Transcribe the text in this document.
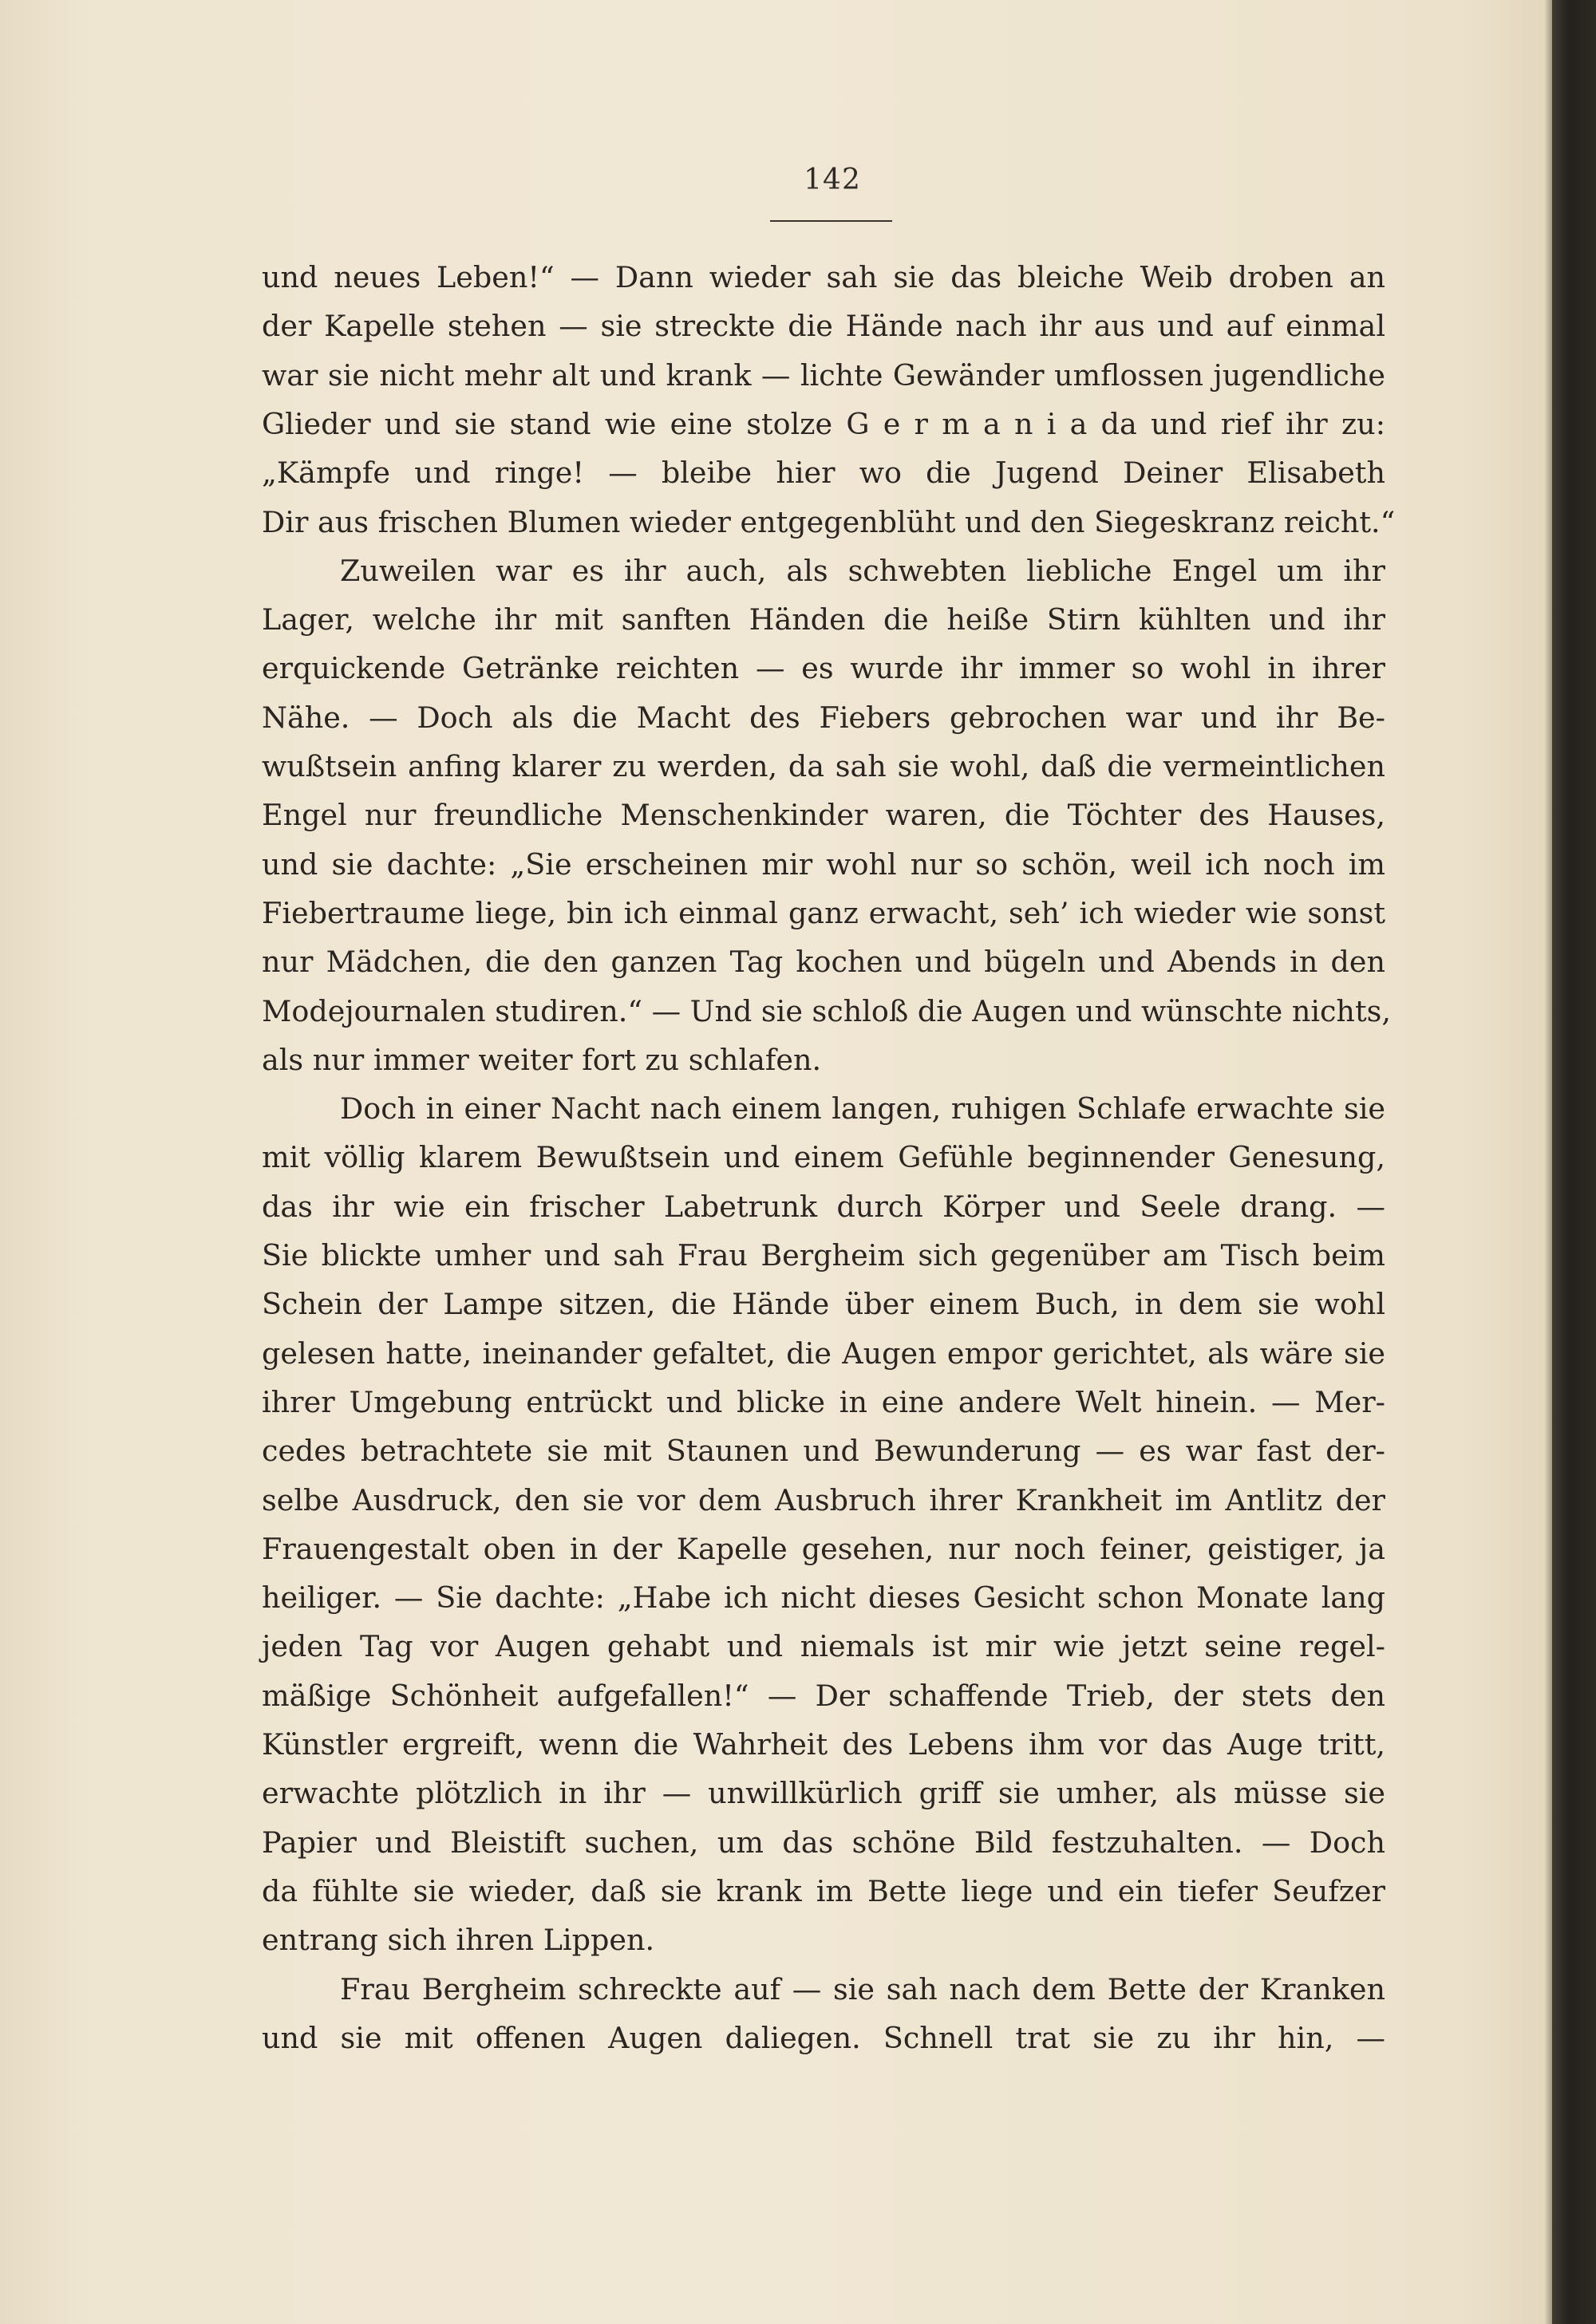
142
und neues Leben!“ — Dann wieder sah sie das bleiche Weib droben an
der Kapelle stehen — sie streckte die Hände nach ihr aus und auf einmal
war sie nicht mehr alt und krank — lichte Gewänder umflossen jugendliche
Glieder und sie stand wie eine stolze G e r m a n i a da und rief ihr zu:
„Kämpfe und ringe! — bleibe hier wo die Jugend Deiner Elisabeth
Dir aus frischen Blumen wieder entgegenblüht und den Siegeskranz reicht.“
Zuweilen war es ihr auch, als schwebten liebliche Engel um ihr
Lager, welche ihr mit sanften Händen die heiße Stirn kühlten und ihr
erquickende Getränke reichten — es wurde ihr immer so wohl in ihrer
Nähe. — Doch als die Macht des Fiebers gebrochen war und ihr Be-
wußtsein anfing klarer zu werden, da sah sie wohl, daß die vermeintlichen
Engel nur freundliche Menschenkinder waren, die Töchter des Hauses,
und sie dachte: „Sie erscheinen mir wohl nur so schön, weil ich noch im
Fiebertraume liege, bin ich einmal ganz erwacht, seh’ ich wieder wie sonst
nur Mädchen, die den ganzen Tag kochen und bügeln und Abends in den
Modejournalen studiren.“ — Und sie schloß die Augen und wünschte nichts,
als nur immer weiter fort zu schlafen.
Doch in einer Nacht nach einem langen, ruhigen Schlafe erwachte sie
mit völlig klarem Bewußtsein und einem Gefühle beginnender Genesung,
das ihr wie ein frischer Labetrunk durch Körper und Seele drang. —
Sie blickte umher und sah Frau Bergheim sich gegenüber am Tisch beim
Schein der Lampe sitzen, die Hände über einem Buch, in dem sie wohl
gelesen hatte, ineinander gefaltet, die Augen empor gerichtet, als wäre sie
ihrer Umgebung entrückt und blicke in eine andere Welt hinein. — Mer-
cedes betrachtete sie mit Staunen und Bewunderung — es war fast der-
selbe Ausdruck, den sie vor dem Ausbruch ihrer Krankheit im Antlitz der
Frauengestalt oben in der Kapelle gesehen, nur noch feiner, geistiger, ja
heiliger. — Sie dachte: „Habe ich nicht dieses Gesicht schon Monate lang
jeden Tag vor Augen gehabt und niemals ist mir wie jetzt seine regel-
mäßige Schönheit aufgefallen!“ — Der schaffende Trieb, der stets den
Künstler ergreift, wenn die Wahrheit des Lebens ihm vor das Auge tritt,
erwachte plötzlich in ihr — unwillkürlich griff sie umher, als müsse sie
Papier und Bleistift suchen, um das schöne Bild festzuhalten. — Doch
da fühlte sie wieder, daß sie krank im Bette liege und ein tiefer Seufzer
entrang sich ihren Lippen.
Frau Bergheim schreckte auf — sie sah nach dem Bette der Kranken
und sie mit offenen Augen daliegen. Schnell trat sie zu ihr hin, —
